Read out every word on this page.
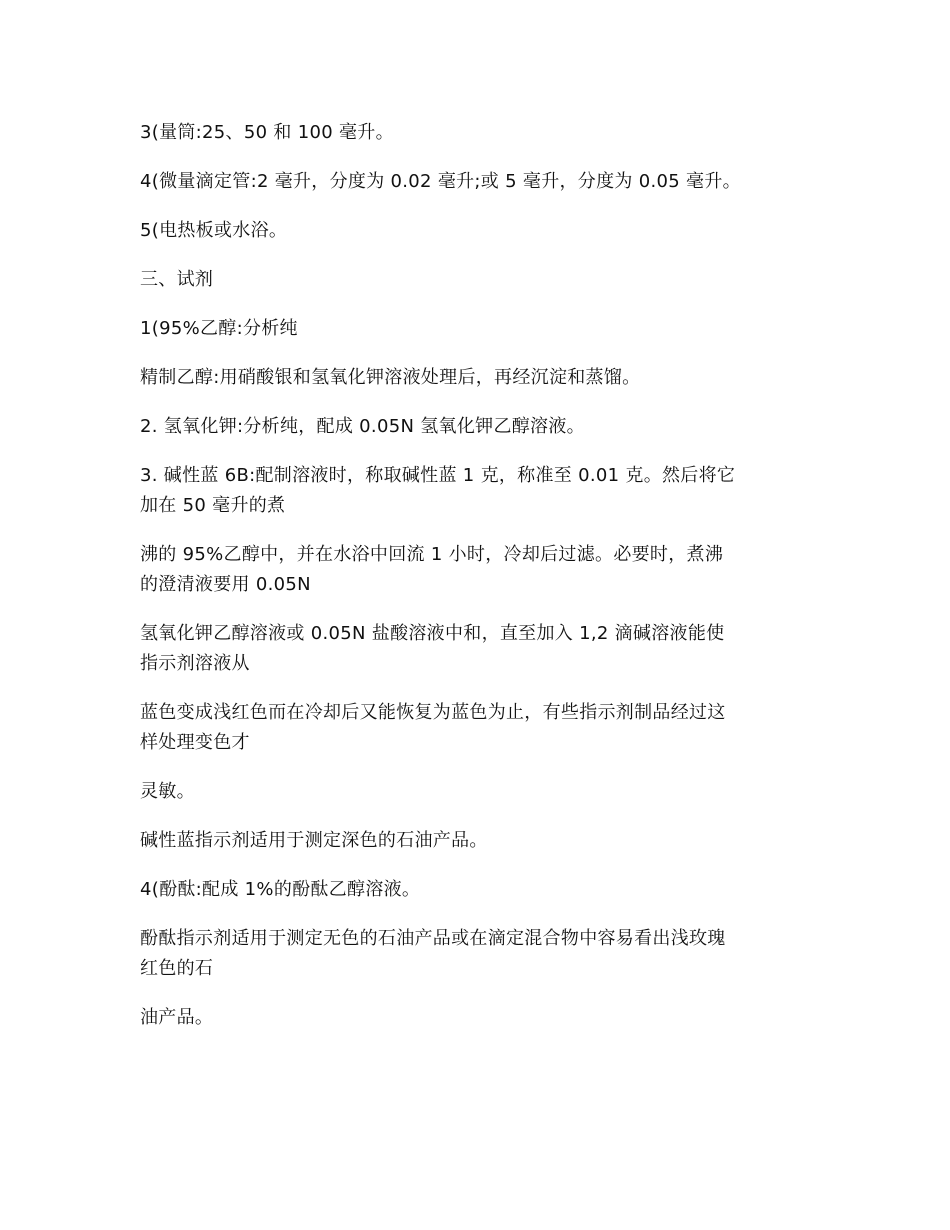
3(量筒:25、50 和 100 毫升。

4(微量滴定管:2 毫升，分度为 0.02 毫升;或 5 毫升，分度为 0.05 毫升。

5(电热板或水浴。

三、试剂

1(95%乙醇:分析纯

精制乙醇:用硝酸银和氢氧化钾溶液处理后，再经沉淀和蒸馏。

2. 氢氧化钾:分析纯，配成 0.05N 氢氧化钾乙醇溶液。

3. 碱性蓝 6B:配制溶液时，称取碱性蓝 1 克，称准至 0.01 克。然后将它
加在 50 毫升的煮

沸的 95%乙醇中，并在水浴中回流 1 小时，冷却后过滤。必要时，煮沸
的澄清液要用 0.05N

氢氧化钾乙醇溶液或 0.05N 盐酸溶液中和，直至加入 1,2 滴碱溶液能使
指示剂溶液从

蓝色变成浅红色而在冷却后又能恢复为蓝色为止，有些指示剂制品经过这
样处理变色才

灵敏。

碱性蓝指示剂适用于测定深色的石油产品。

4(酚酞:配成 1%的酚酞乙醇溶液。

酚酞指示剂适用于测定无色的石油产品或在滴定混合物中容易看出浅玫瑰
红色的石

油产品。
